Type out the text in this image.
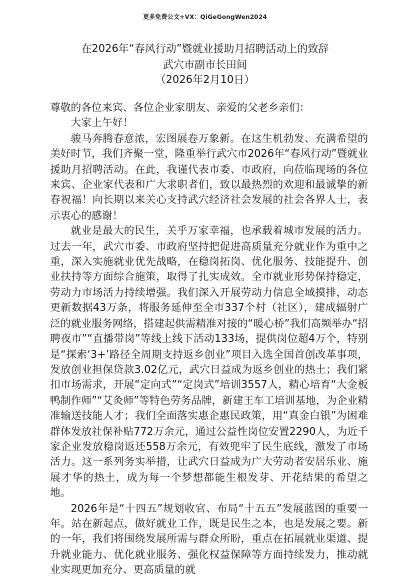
更多免费公文+VX：QiGeGongWen2024
在2026年“春风行动”暨就业援助月招聘活动上的致辞
武穴市副市长田间
（2026年2月10日）

尊敬的各位来宾、各位企业家朋友、亲爱的父老乡亲们：

大家上午好！

骏马奔腾春意浓，宏图展卷万象新。在这生机勃发、充满希望的美好时节，我们齐聚一堂，隆重举行武穴市2026年“春风行动”暨就业援助月招聘活动。在此，我谨代表市委、市政府，向莅临现场的各位来宾、企业家代表和广大求职者们，致以最热烈的欢迎和最诚挚的新春祝福！向长期以来关心支持武穴经济社会发展的社会各界人士，表示衷心的感谢！

就业是最大的民生，关乎万家幸福，也承载着城市发展的活力。过去一年，武穴市委、市政府坚持把促进高质量充分就业作为重中之重，深入实施就业优先战略，在稳岗拓岗、优化服务、技能提升、创业扶持等方面综合施策，取得了扎实成效。全市就业形势保持稳定，劳动力市场活力持续增强。我们深入开展劳动力信息全域摸排，动态更新数据43万条，将服务延伸至全市337个村（社区），建成辐射广泛的就业服务网络，搭建起供需精准对接的“暖心桥”我们高频举办“招聘夜市”“直播带岗”等线上线下活动133场，提供岗位超4万个，特别是“探索‘3+’路径全周期支持返乡创业”项目入选全国首创改革事项，发放创业担保贷款3.02亿元，武穴日益成为返乡创业的热土；我们紧扣市场需求，开展“定向式”“定岗式”培训3557人，精心培育“大金板鸭制作师”“艾灸师”等特色劳务品牌，新建王车工培训基地，为企业精准输送技能人才；我们全面落实惠企惠民政策，用“真金白银”为困难群体发放社保补贴772万余元，通过公益性岗位安置2290人，为近千家企业发放稳岗返还558万余元，有效兜牢了民生底线，激发了市场活力。这一系列务实举措，让武穴日益成为广大劳动者安居乐业、施展才华的热土，成为每一个梦想都能生根发芽、开花结果的希望之地。

2026年是“十四五”规划收官、布局“十五五”发展蓝图的重要一年。站在新起点，做好就业工作，既是民生之本，也是发展之要。新的一年，我们将围绕发展所需与群众所盼，重点在拓展就业渠道、提升就业能力、优化就业服务、强化权益保障等方面持续发力，推动就业实现更加充分、更高质量的就
